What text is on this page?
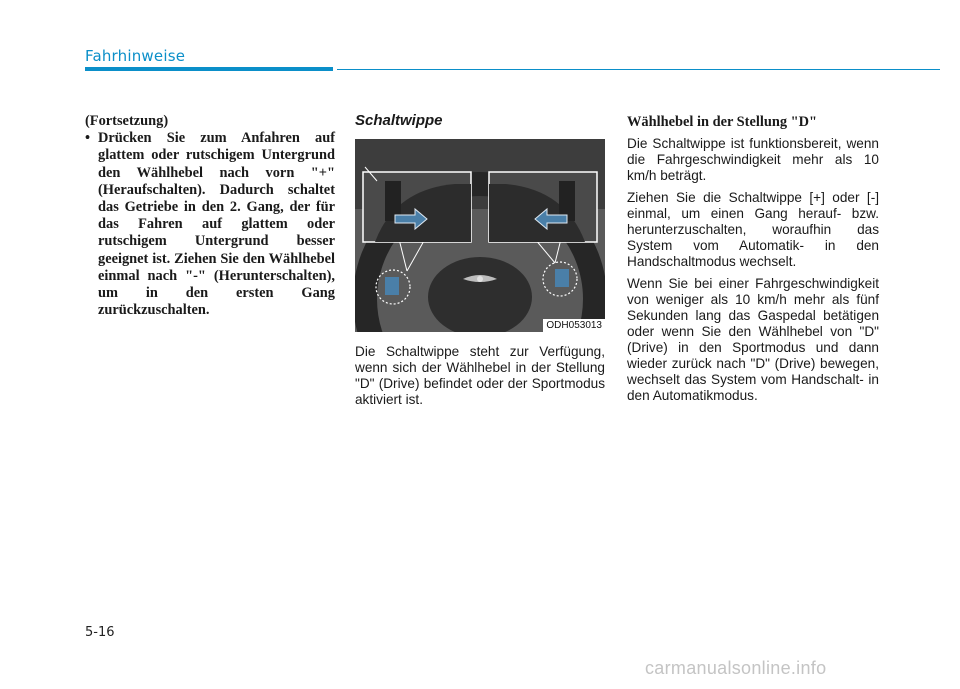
Fahrhinweise
(Fortsetzung)
• Drücken Sie zum Anfahren auf glattem oder rutschigem Untergrund den Wählhebel nach vorn "+" (Heraufschalten). Dadurch schaltet das Getriebe in den 2. Gang, der für das Fahren auf glattem oder rutschigem Untergrund besser geeignet ist. Ziehen Sie den Wählhebel einmal nach "-" (Herunterschalten), um in den ersten Gang zurückzuschalten.
Schaltwippe
ODH053013
Die Schaltwippe steht zur Verfügung, wenn sich der Wählhebel in der Stellung "D" (Drive) befindet oder der Sportmodus aktiviert ist.
Wählhebel in der Stellung "D"

Die Schaltwippe ist funktionsbereit, wenn die Fahrgeschwindigkeit mehr als 10 km/h beträgt.

Ziehen Sie die Schaltwippe [+] oder [-] einmal, um einen Gang herauf- bzw. herunterzuschalten, woraufhin das System vom Automatik- in den Handschaltmodus wechselt.

Wenn Sie bei einer Fahrgeschwindigkeit von weniger als 10 km/h mehr als fünf Sekunden lang das Gaspedal betätigen oder wenn Sie den Wählhebel von "D" (Drive) in den Sportmodus und dann wieder zurück nach "D" (Drive) bewegen, wechselt das System vom Handschalt- in den Automatikmodus.

5-16
carmanualsonline.info
